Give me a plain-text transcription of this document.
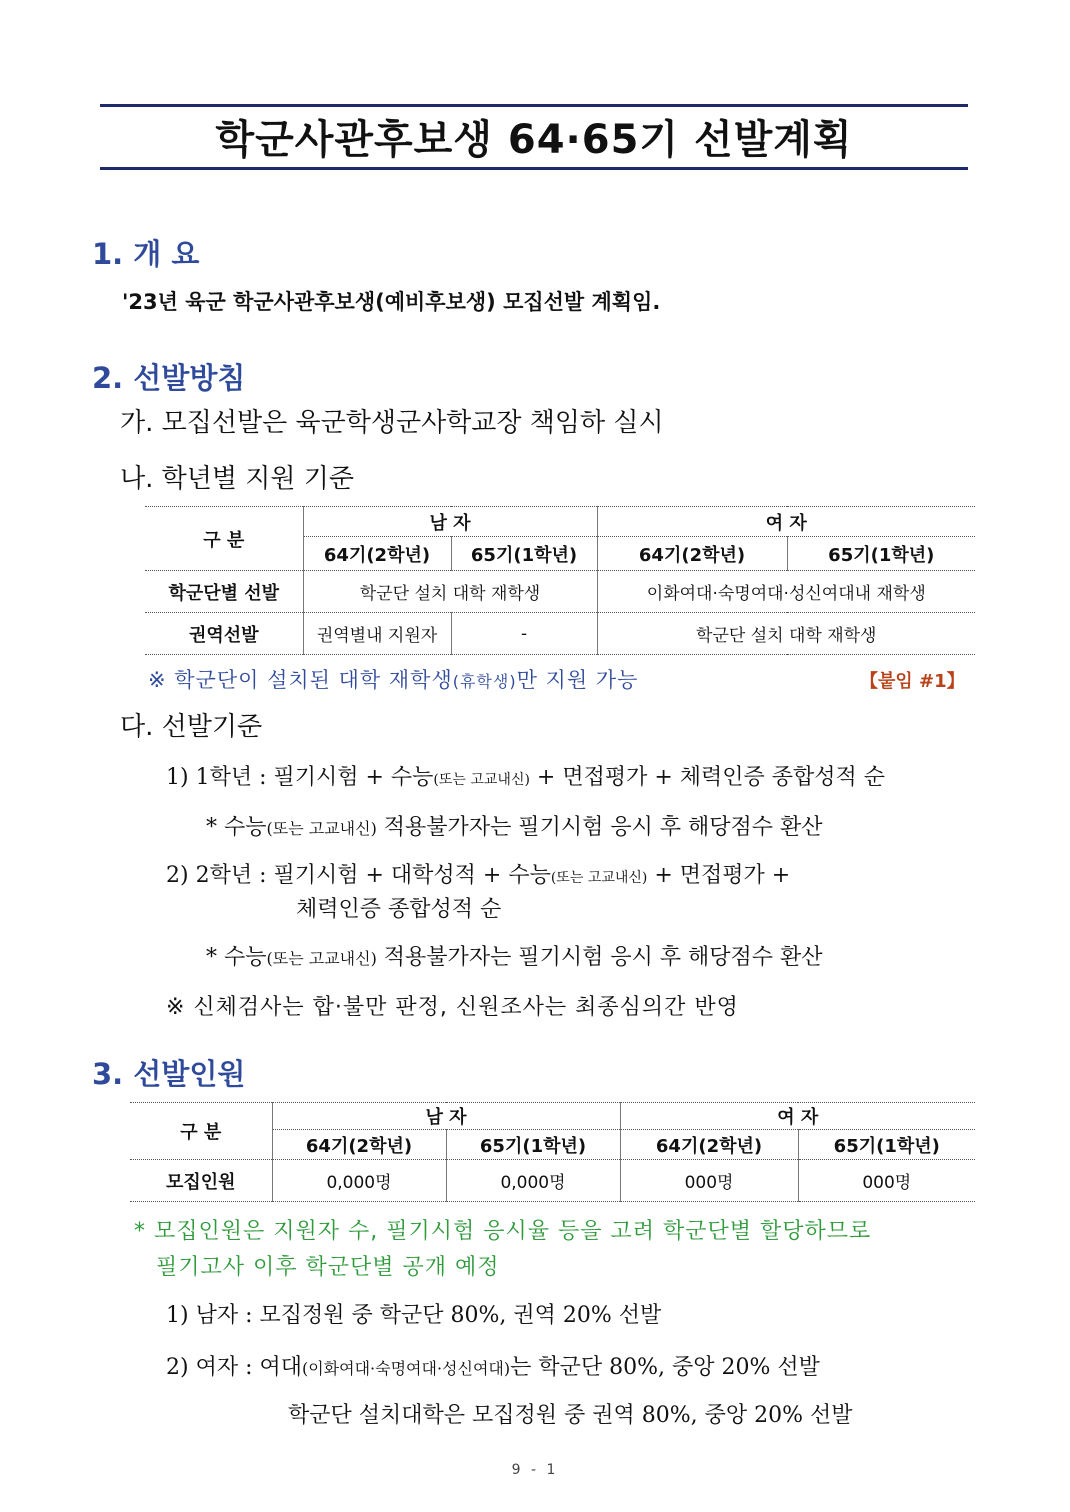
학군사관후보생 64·65기 선발계획
1. 개 요
'23년 육군 학군사관후보생(예비후보생) 모집선발 계획임.
2. 선발방침
가. 모집선발은 육군학생군사학교장 책임하 실시
나. 학년별 지원 기준
구 분	남 자		여 자	
	64기(2학년)	65기(1학년)	64기(2학년)	65기(1학년)
학군단별 선발	학군단 설치 대학 재학생		이화여대·숙명여대·성신여대내 재학생	
권역선발	권역별내 지원자	-	학군단 설치 대학 재학생	
※ 학군단이 설치된 대학 재학생(휴학생)만 지원 가능	【붙임 #1】
다. 선발기준
1) 1학년 : 필기시험 + 수능(또는 고교내신) + 면접평가 + 체력인증 종합성적 순
* 수능(또는 고교내신) 적용불가자는 필기시험 응시 후 해당점수 환산
2) 2학년 : 필기시험 + 대학성적 + 수능(또는 고교내신) + 면접평가 +
체력인증 종합성적 순
* 수능(또는 고교내신) 적용불가자는 필기시험 응시 후 해당점수 환산
※ 신체검사는 합·불만 판정, 신원조사는 최종심의간 반영
3. 선발인원
구 분	남 자		여 자	
	64기(2학년)	65기(1학년)	64기(2학년)	65기(1학년)
모집인원	0,000명	0,000명	000명	000명
* 모집인원은 지원자 수, 필기시험 응시율 등을 고려 학군단별 할당하므로
필기고사 이후 학군단별 공개 예정
1) 남자 : 모집정원 중 학군단 80%, 권역 20% 선발
2) 여자 : 여대(이화여대·숙명여대·성신여대)는 학군단 80%, 중앙 20% 선발
학군단 설치대학은 모집정원 중 권역 80%, 중앙 20% 선발
9 - 1
